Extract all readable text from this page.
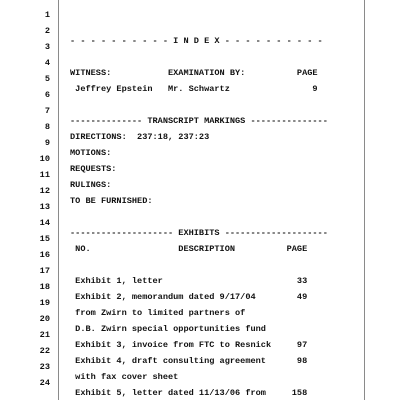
1

2

- - - - - - - - - - I N D E X - - - - - - - - - -

3

4

WITNESS:           EXAMINATION BY:          PAGE

5

Jeffrey Epstein   Mr. Schwartz                9

6

7

-------------- TRANSCRIPT MARKINGS ---------------

8

DIRECTIONS:  237:18, 237:23

9

MOTIONS:

10

REQUESTS:

11

RULINGS:

12

TO BE FURNISHED:

13

14

-------------------- EXHIBITS --------------------

15

NO.                 DESCRIPTION          PAGE

16

17

Exhibit 1, letter                          33

18

Exhibit 2, memorandum dated 9/17/04        49

19

from Zwirn to limited partners of

20

D.B. Zwirn special opportunities fund

21

Exhibit 3, invoice from FTC to Resnick     97

22

Exhibit 4, draft consulting agreement      98

23

with fax cover sheet

24

Exhibit 5, letter dated 11/13/06 from     158
